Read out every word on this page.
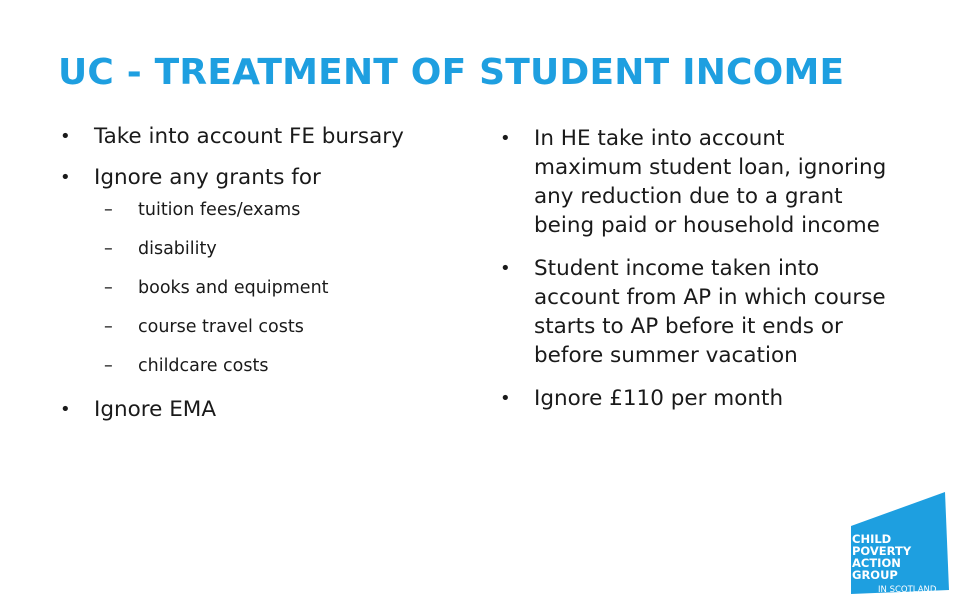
UC - TREATMENT OF STUDENT INCOME
• Take into account FE bursary
• Ignore any grants for
– tuition fees/exams
– disability
– books and equipment
– course travel costs
– childcare costs
• Ignore EMA
• In HE take into account maximum student loan, ignoring any reduction due to a grant being paid or household income
• Student income taken into account from AP in which course starts to AP before it ends or before summer vacation
• Ignore £110 per month
CHILD
POVERTY
ACTION
GROUP
IN SCOTLAND
